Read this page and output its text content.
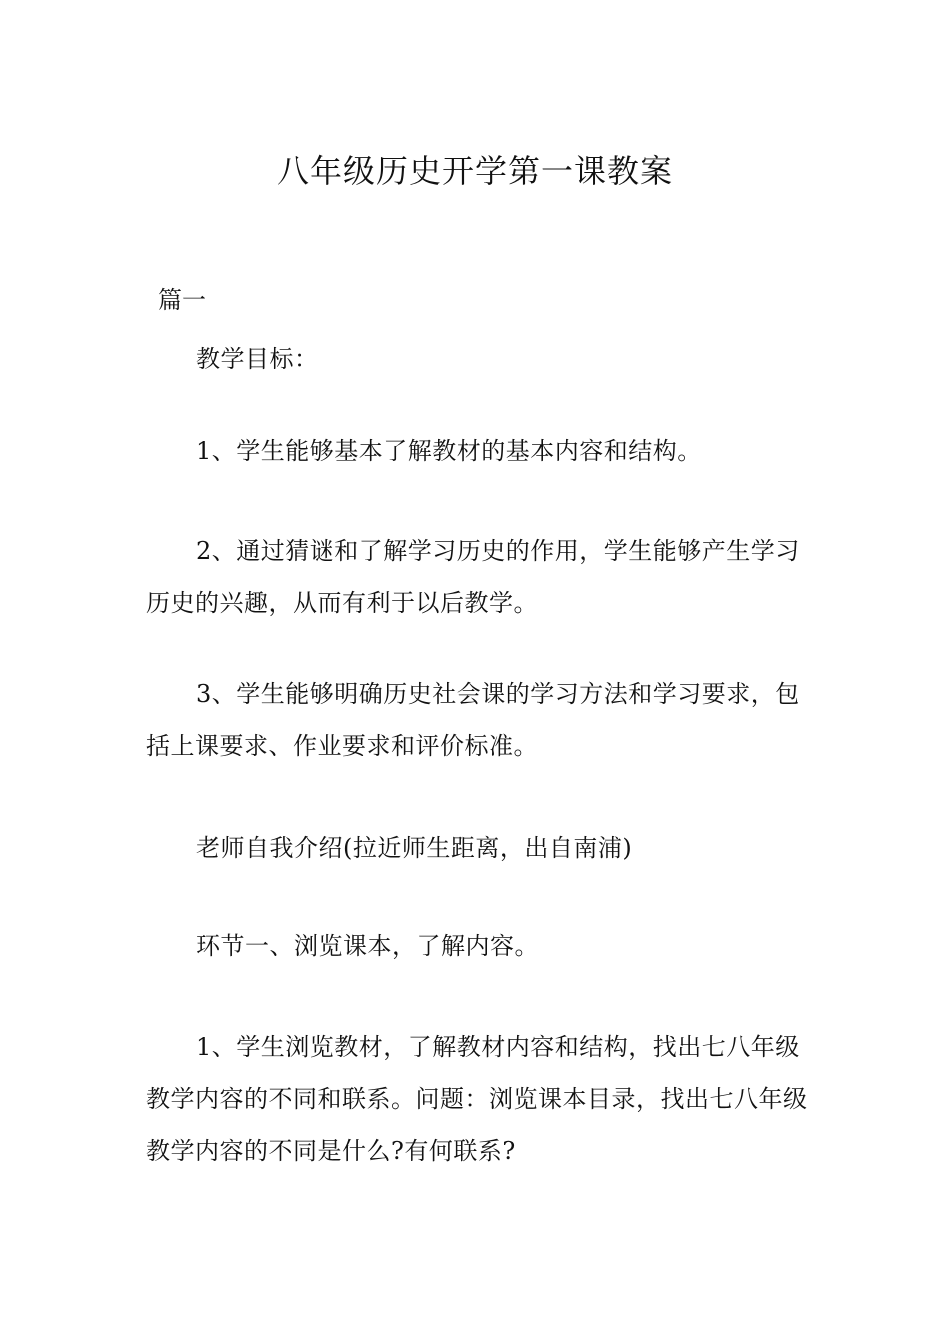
八年级历史开学第一课教案
篇一

教学目标：

1、学生能够基本了解教材的基本内容和结构。

2、通过猜谜和了解学习历史的作用，学生能够产生学习历史的兴趣，从而有利于以后教学。

3、学生能够明确历史社会课的学习方法和学习要求，包括上课要求、作业要求和评价标准。

老师自我介绍(拉近师生距离，出自南浦)

环节一、浏览课本，了解内容。

1、学生浏览教材，了解教材内容和结构，找出七八年级教学内容的不同和联系。问题：浏览课本目录，找出七八年级教学内容的不同是什么?有何联系?
